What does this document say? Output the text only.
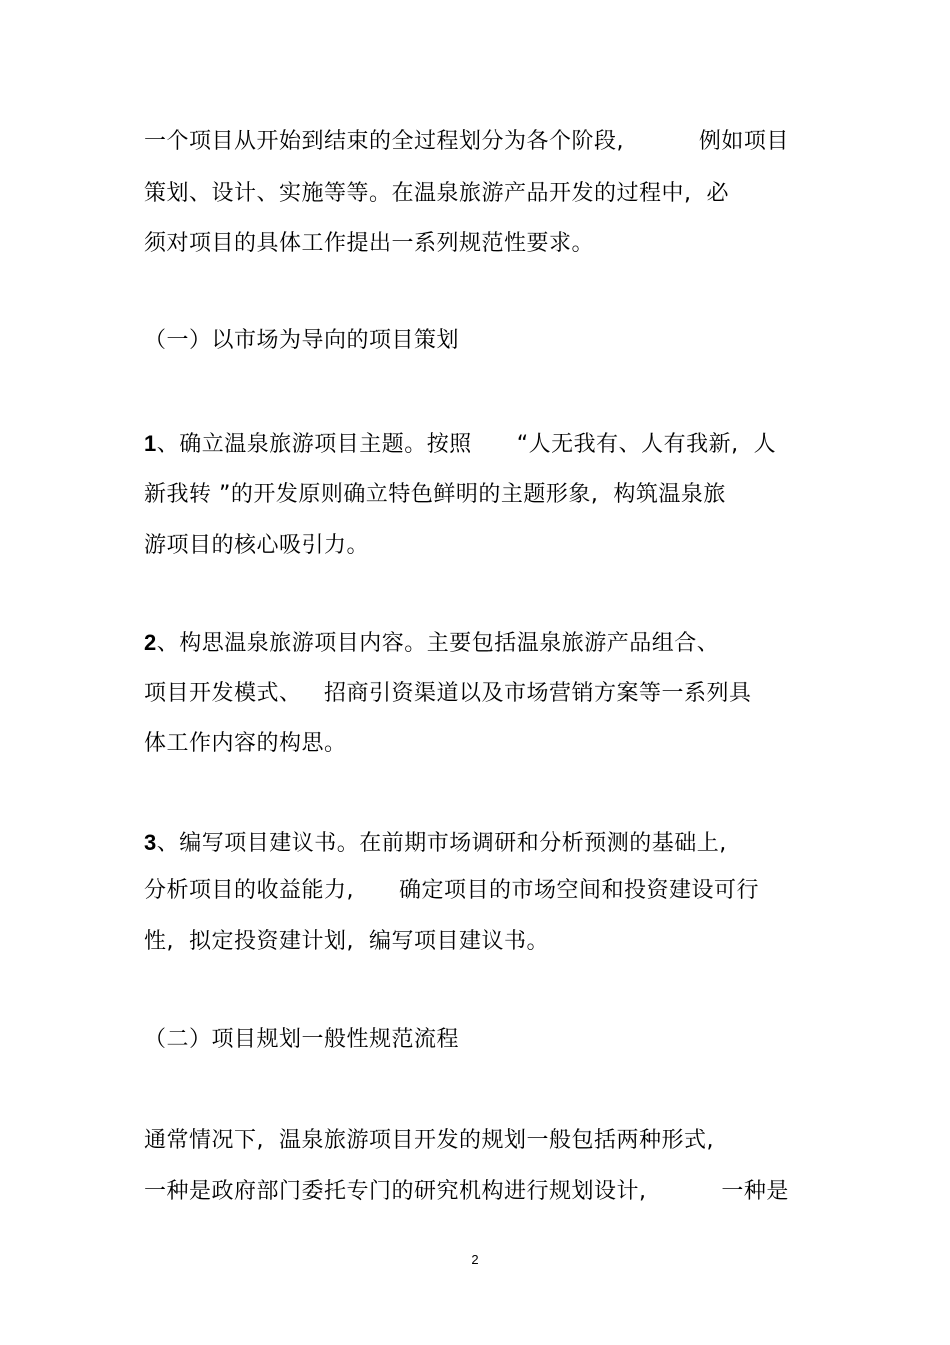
一个项目从开始到结束的全过程划分为各个阶段,          例如项目
策划、设计、实施等等。在温泉旅游产品开发的过程中,  必
须对项目的具体工作提出一系列规范性要求。
（一）以市场为导向的项目策划
1、确立温泉旅游项目主题。按照      “人无我有、人有我新,  人
新我转 ”的开发原则确立特色鲜明的主题形象,  构筑温泉旅
游项目的核心吸引力。
2、构思温泉旅游项目内容。主要包括温泉旅游产品组合、
项目开发模式、   招商引资渠道以及市场营销方案等一系列具
体工作内容的构思。
3、编写项目建议书。在前期市场调研和分析预测的基础上,
分析项目的收益能力,      确定项目的市场空间和投资建设可行
性,  拟定投资建计划,  编写项目建议书。
（二）项目规划一般性规范流程
通常情况下,  温泉旅游项目开发的规划一般包括两种形式,
一种是政府部门委托专门的研究机构进行规划设计,          一种是
2
